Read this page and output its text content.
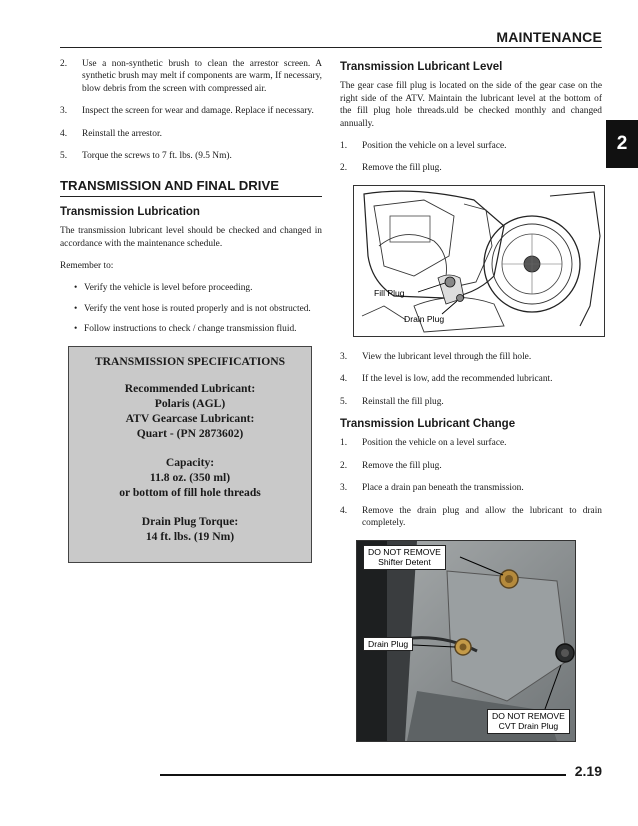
MAINTENANCE
2
2.	Use a non-synthetic brush to clean the arrestor screen. A synthetic brush may melt if components are warm, If necessary, blow debris from the screen with compressed air.
3.	Inspect the screen for wear and damage. Replace if necessary.
4.	Reinstall the arrestor.
5.	Torque the screws to 7 ft. lbs. (9.5 Nm).
TRANSMISSION AND FINAL DRIVE
Transmission Lubrication
The transmission lubricant level should be checked and changed in accordance with the maintenance schedule.
Remember to:
• Verify the vehicle is level before proceeding.
• Verify the vent hose is routed properly and is not obstructed.
• Follow instructions to check / change transmission fluid.
TRANSMISSION SPECIFICATIONS
Recommended Lubricant:
Polaris (AGL)
ATV Gearcase Lubricant:
Quart - (PN 2873602)
Capacity:
11.8 oz. (350 ml)
or bottom of fill hole threads
Drain Plug Torque:
14 ft. lbs. (19 Nm)
Transmission Lubricant Level
The gear case fill plug is located on the side of the gear case on the right side of the ATV. Maintain the lubricant level at the bottom of the fill plug hole threads.uld be checked monthly and changed annually.
1.	Position the vehicle on a level surface.
2.	Remove the fill plug.
Fill Plug
Drain Plug
3.	View the lubricant level through the fill hole.
4.	If the level is low, add the recommended lubricant.
5.	Reinstall the fill plug.
Transmission Lubricant Change
1.	Position the vehicle on a level surface.
2.	Remove the fill plug.
3.	Place a drain pan beneath the transmission.
4.	Remove the drain plug and allow the lubricant to drain completely.
DO NOT REMOVE
Shifter Detent
Drain Plug
DO NOT REMOVE
CVT Drain Plug
2.19
